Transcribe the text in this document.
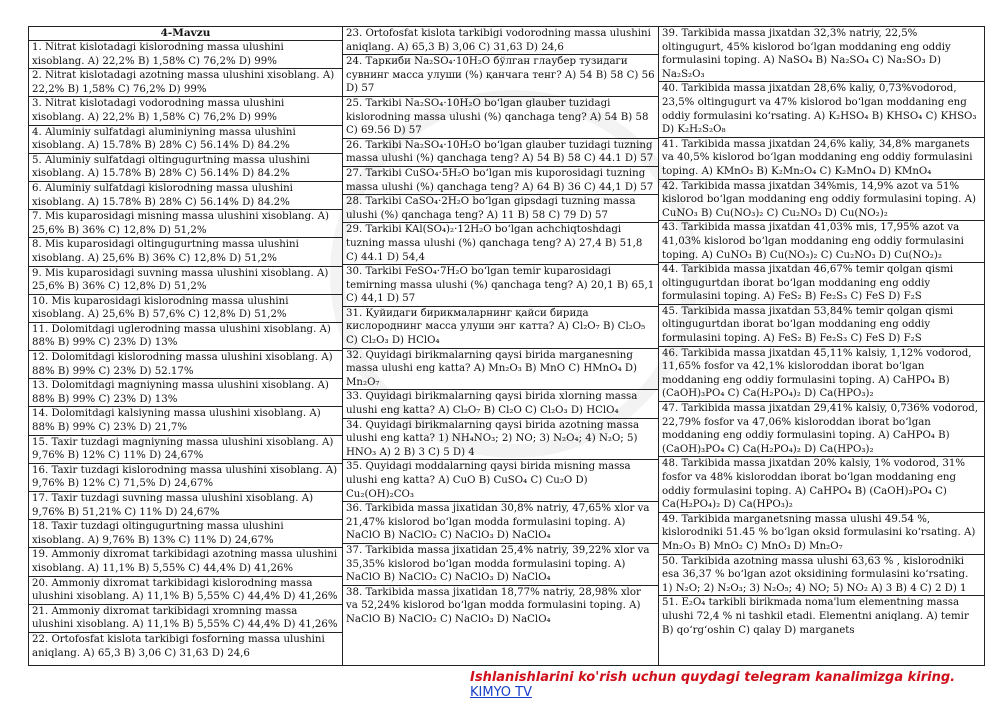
4-Mavzu
1. Nitrat kislotadagi kislorodning massa ulushini xisoblang. A) 22,2% B) 1,58% C) 76,2% D) 99%
2. Nitrat kislotadagi azotning massa ulushini xisoblang. A) 22,2% B) 1,58% C) 76,2% D) 99%
3. Nitrat kislotadagi vodorodning massa ulushini xisoblang. A) 22,2% B) 1,58% C) 76,2% D) 99%
4. Aluminiy sulfatdagi aluminiyning massa ulushini xisoblang. A) 15.78% B) 28% C) 56.14% D) 84.2%
5. Aluminiy sulfatdagi oltingugurtning massa ulushini xisoblang. A) 15.78% B) 28% C) 56.14% D) 84.2%
6. Aluminiy sulfatdagi kislorodning massa ulushini xisoblang. A) 15.78% B) 28% C) 56.14% D) 84.2%
7. Mis kuparosidagi misning massa ulushini xisoblang. A) 25,6% B) 36% C) 12,8% D) 51,2%
8. Mis kuparosidagi oltingugurtning massa ulushini xisoblang. A) 25,6% B) 36% C) 12,8% D) 51,2%
9. Mis kuparosidagi suvning massa ulushini xisoblang. A) 25,6% B) 36% C) 12,8% D) 51,2%
10. Mis kuparosidagi kislorodning massa ulushini xisoblang. A) 25,6% B) 57,6% C) 12,8% D) 51,2%
11. Dolomitdagi uglerodning massa ulushini xisoblang. A) 88% B) 99% C) 23% D) 13%
12. Dolomitdagi kislorodning massa ulushini xisoblang. A) 88% B) 99% C) 23% D) 52.17%
13. Dolomitdagi magniyning massa ulushini xisoblang. A) 88% B) 99% C) 23% D) 13%
14. Dolomitdagi kalsiyning massa ulushini xisoblang. A) 88% B) 99% C) 23% D) 21,7%
15. Taxir tuzdagi magniyning massa ulushini xisoblang. A) 9,76% B) 12% C) 11% D) 24,67%
16. Taxir tuzdagi kislorodning massa ulushini xisoblang. A) 9,76% B) 12% C) 71,5% D) 24,67%
17. Taxir tuzdagi suvning massa ulushini xisoblang. A) 9,76% B) 51,21% C) 11% D) 24,67%
18. Taxir tuzdagi oltingugurtning massa ulushini xisoblang. A) 9,76% B) 13% C) 11% D) 24,67%
19. Ammoniy dixromat tarkibidagi azotning massa ulushini xisoblang. A) 11,1% B) 5,55% C) 44,4% D) 41,26%
20. Ammoniy dixromat tarkibidagi kislorodning massa ulushini xisoblang. A) 11,1% B) 5,55% C) 44,4% D) 41,26%
21. Ammoniy dixromat tarkibidagi xromning massa ulushini xisoblang. A) 11,1% B) 5,55% C) 44,4% D) 41,26%
22. Ortofosfat kislota tarkibigi fosforning massa ulushini aniqlang. A) 65,3 B) 3,06 C) 31,63 D) 24,6
23. Ortofosfat kislota tarkibigi vodorodning massa ulushini aniqlang. A) 65,3 B) 3,06 C) 31,63 D) 24,6
24. Таркиби Na₂SO₄·10H₂O бўлган глаубер тузидаги сувнинг масса улуши (%) қанчага тенг? A) 54 B) 58 C) 56 D) 57
25. Tarkibi Na₂SO₄·10H₂O bo‘lgan glauber tuzidagi kislorodning massa ulushi (%) qanchaga teng? A) 54 B) 58 C) 69.56 D) 57
26. Tarkibi Na₂SO₄·10H₂O bo‘lgan glauber tuzidagi tuzning massa ulushi (%) qanchaga teng? A) 54 B) 58 C) 44.1 D) 57
27. Tarkibi CuSO₄·5H₂O bo‘lgan mis kuporosidagi tuzning massa ulushi (%) qanchaga teng? A) 64 B) 36 C) 44,1 D) 57
28. Tarkibi CaSO₄·2H₂O bo‘lgan gipsdagi tuzning massa ulushi (%) qanchaga teng? A) 11 B) 58 C) 79 D) 57
29. Tarkibi KAl(SO₄)₂·12H₂O bo‘lgan achchiqtoshdagi tuzning massa ulushi (%) qanchaga teng? A) 27,4 B) 51,8 C) 44.1 D) 54,4
30. Tarkibi FeSO₄·7H₂O bo‘lgan temir kuparosidagi temirning massa ulushi (%) qanchaga teng? A) 20,1 B) 65,1 C) 44,1 D) 57
31. Қуйидаги бирикмаларнинг қайси бирида кислороднинг масса улуши энг катта? A) Cl₂O₇ B) Cl₂O₅ C) Cl₂O₃ D) HClO₄
32. Quyidagi birikmalarning qaysi birida marganesning massa ulushi eng katta? A) Mn₂O₃ B) MnO C) HMnO₄ D) Mn₂O₇
33. Quyidagi birikmalarning qaysi birida xlorning massa ulushi eng katta? A) Cl₂O₇ B) Cl₂O C) Cl₂O₃ D) HClO₄
34. Quyidagi birikmalarning qaysi birida azotning massa ulushi eng katta? 1) NH₄NO₃; 2) NO; 3) N₂O₄; 4) N₂O; 5) HNO₃ A) 2 B) 3 C) 5 D) 4
35. Quyidagi moddalarning qaysi birida misning massa ulushi eng katta? A) CuO B) CuSO₄ C) Cu₂O D) Cu₂(OH)₂CO₃
36. Tarkibida massa jixatidan 30,8% natriy, 47,65% xlor va 21,47% kislorod bo‘lgan modda formulasini toping. A) NaClO B) NaClO₂ C) NaClO₃ D) NaClO₄
37. Tarkibida massa jixatidan 25,4% natriy, 39,22% xlor va 35,35% kislorod bo‘lgan modda formulasini toping. A) NaClO B) NaClO₂ C) NaClO₃ D) NaClO₄
38. Tarkibida massa jixatidan 18,77% natriy, 28,98% xlor va 52,24% kislorod bo‘lgan modda formulasini toping. A) NaClO B) NaClO₂ C) NaClO₃ D) NaClO₄
39. Tarkibida massa jixatdan 32,3% natriy, 22,5% oltingugurt, 45% kislorod bo‘lgan moddaning eng oddiy formulasini toping. A) NaSO₄ B) Na₂SO₄ C) Na₂SO₃ D) Na₂S₂O₃
40. Tarkibida massa jixatdan 28,6% kaliy, 0,73%vodorod, 23,5% oltingugurt va 47% kislorod bo‘lgan moddaning eng oddiy formulasini ko‘rsating. A) K₂HSO₄ B) KHSO₄ C) KHSO₃ D) K₂H₂S₂O₈
41. Tarkibida massa jixatdan 24,6% kaliy, 34,8% marganets va 40,5% kislorod bo‘lgan moddaning eng oddiy formulasini toping. A) KMnO₃ B) K₂Mn₂O₄ C) K₂MnO₄ D) KMnO₄
42. Tarkibida massa jixatdan 34%mis, 14,9% azot va 51% kislorod bo‘lgan moddaning eng oddiy formulasini toping. A) CuNO₃ B) Cu(NO₃)₂ C) Cu₂NO₃ D) Cu(NO₂)₂
43. Tarkibida massa jixatdan 41,03% mis, 17,95% azot va 41,03% kislorod bo‘lgan moddaning eng oddiy formulasini toping. A) CuNO₃ B) Cu(NO₃)₂ C) Cu₂NO₃ D) Cu(NO₂)₂
44. Tarkibida massa jixatdan 46,67% temir qolgan qismi oltingugurtdan iborat bo‘lgan moddaning eng oddiy formulasini toping. A) FeS₂ B) Fe₂S₃ C) FeS D) F₂S
45. Tarkibida massa jixatdan 53,84% temir qolgan qismi oltingugurtdan iborat bo‘lgan moddaning eng oddiy formulasini toping. A) FeS₂ B) Fe₂S₃ C) FeS D) F₂S
46. Tarkibida massa jixatdan 45,11% kalsiy, 1,12% vodorod, 11,65% fosfor va 42,1% kisloroddan iborat bo‘lgan moddaning eng oddiy formulasini toping. A) CaHPO₄ B) (CaOH)₃PO₄ C) Ca(H₂PO₄)₂ D) Ca(HPO₃)₂
47. Tarkibida massa jixatdan 29,41% kalsiy, 0,736% vodorod, 22,79% fosfor va 47,06% kisloroddan iborat bo‘lgan moddaning eng oddiy formulasini toping. A) CaHPO₄ B) (CaOH)₃PO₄ C) Ca(H₂PO₄)₂ D) Ca(HPO₃)₂
48. Tarkibida massa jixatdan 20% kalsiy, 1% vodorod, 31% fosfor va 48% kisloroddan iborat bo‘lgan moddaning eng oddiy formulasini toping. A) CaHPO₄ B) (CaOH)₃PO₄ C) Ca(H₂PO₄)₂ D) Ca(HPO₃)₂
49. Tarkibida marganetsning massa ulushi 49.54 %, kislorodniki 51.45 % bo‘lgan oksid formulasini ko‘rsating. A) Mn₂O₃ B) MnO₂ C) MnO₃ D) Mn₂O₇
50. Tarkibida azotning massa ulushi 63,63 % , kislorodniki esa 36,37 % bo‘lgan azot oksidining formulasini ko‘rsating. 1) N₂O; 2) N₂O₃; 3) N₂O₅; 4) NO; 5) NO₂ A) 3 B) 4 C) 2 D) 1
51. E₂O₄ tarkibli birikmada noma'lum elementning massa ulushi 72,4 % ni tashkil etadi. Elementni aniqlang. A) temir B) qo‘rg‘oshin C) qalay D) marganets
Ishlanishlarini ko'rish uchun quydagi telegram kanalimizga kiring. KIMYO TV
